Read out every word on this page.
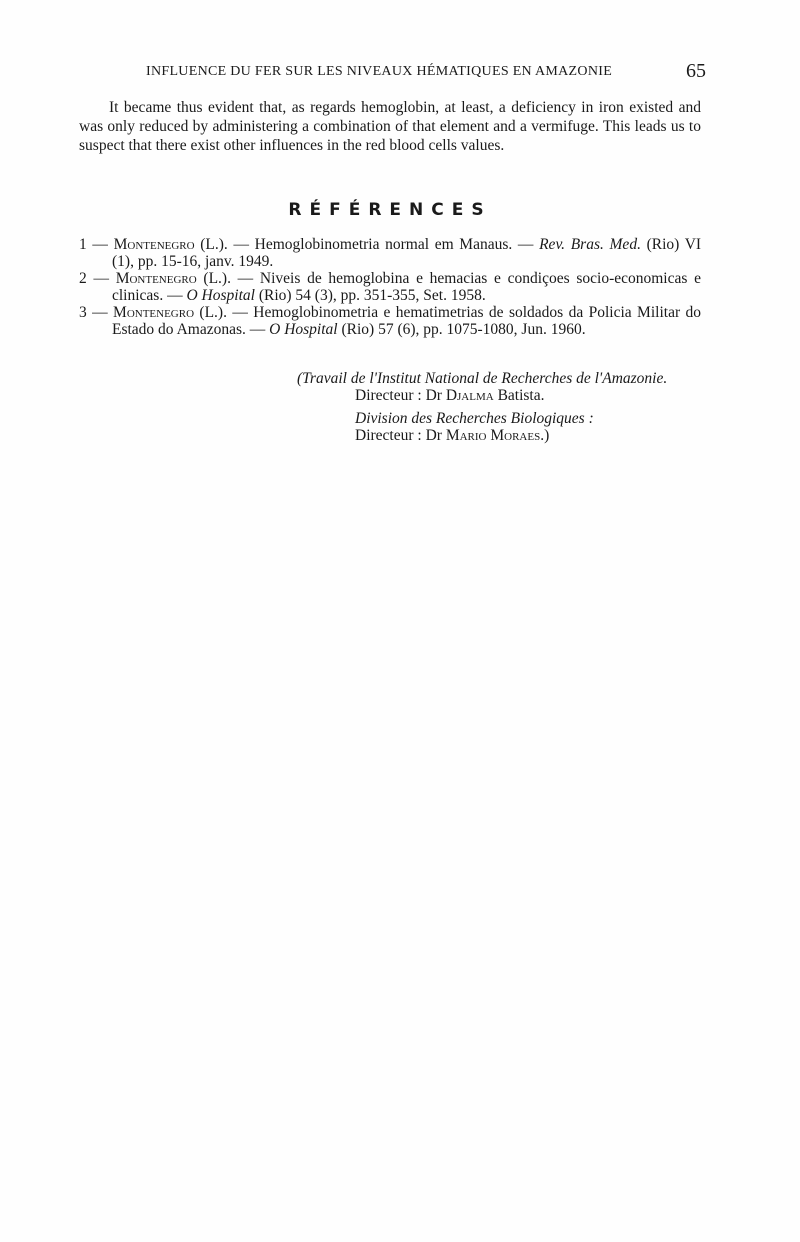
INFLUENCE DU FER SUR LES NIVEAUX HÉMATIQUES EN AMAZONIE	65

It became thus evident that, as regards hemoglobin, at least, a deficiency in iron existed and was only reduced by administering a combination of that element and a vermifuge. This leads us to suspect that there exist other influences in the red blood cells values.

RÉFÉRENCES
1 — Montenegro (L.). — Hemoglobinometria normal em Manaus. — Rev. Bras. Med. (Rio) VI (1), pp. 15-16, janv. 1949.
2 — Montenegro (L.). — Niveis de hemoglobina e hemacias e condiçoes socio-economicas e clinicas. — O Hospital (Rio) 54 (3), pp. 351-355, Set. 1958.
3 — Montenegro (L.). — Hemoglobinometria e hematimetrias de soldados da Policia Militar do Estado do Amazonas. — O Hospital (Rio) 57 (6), pp. 1075-1080, Jun. 1960.
(Travail de l'Institut National de Recherches de l'Amazonie.
Directeur : Dr Djalma Batista.
Division des Recherches Biologiques :
Directeur : Dr Mario Moraes.)
